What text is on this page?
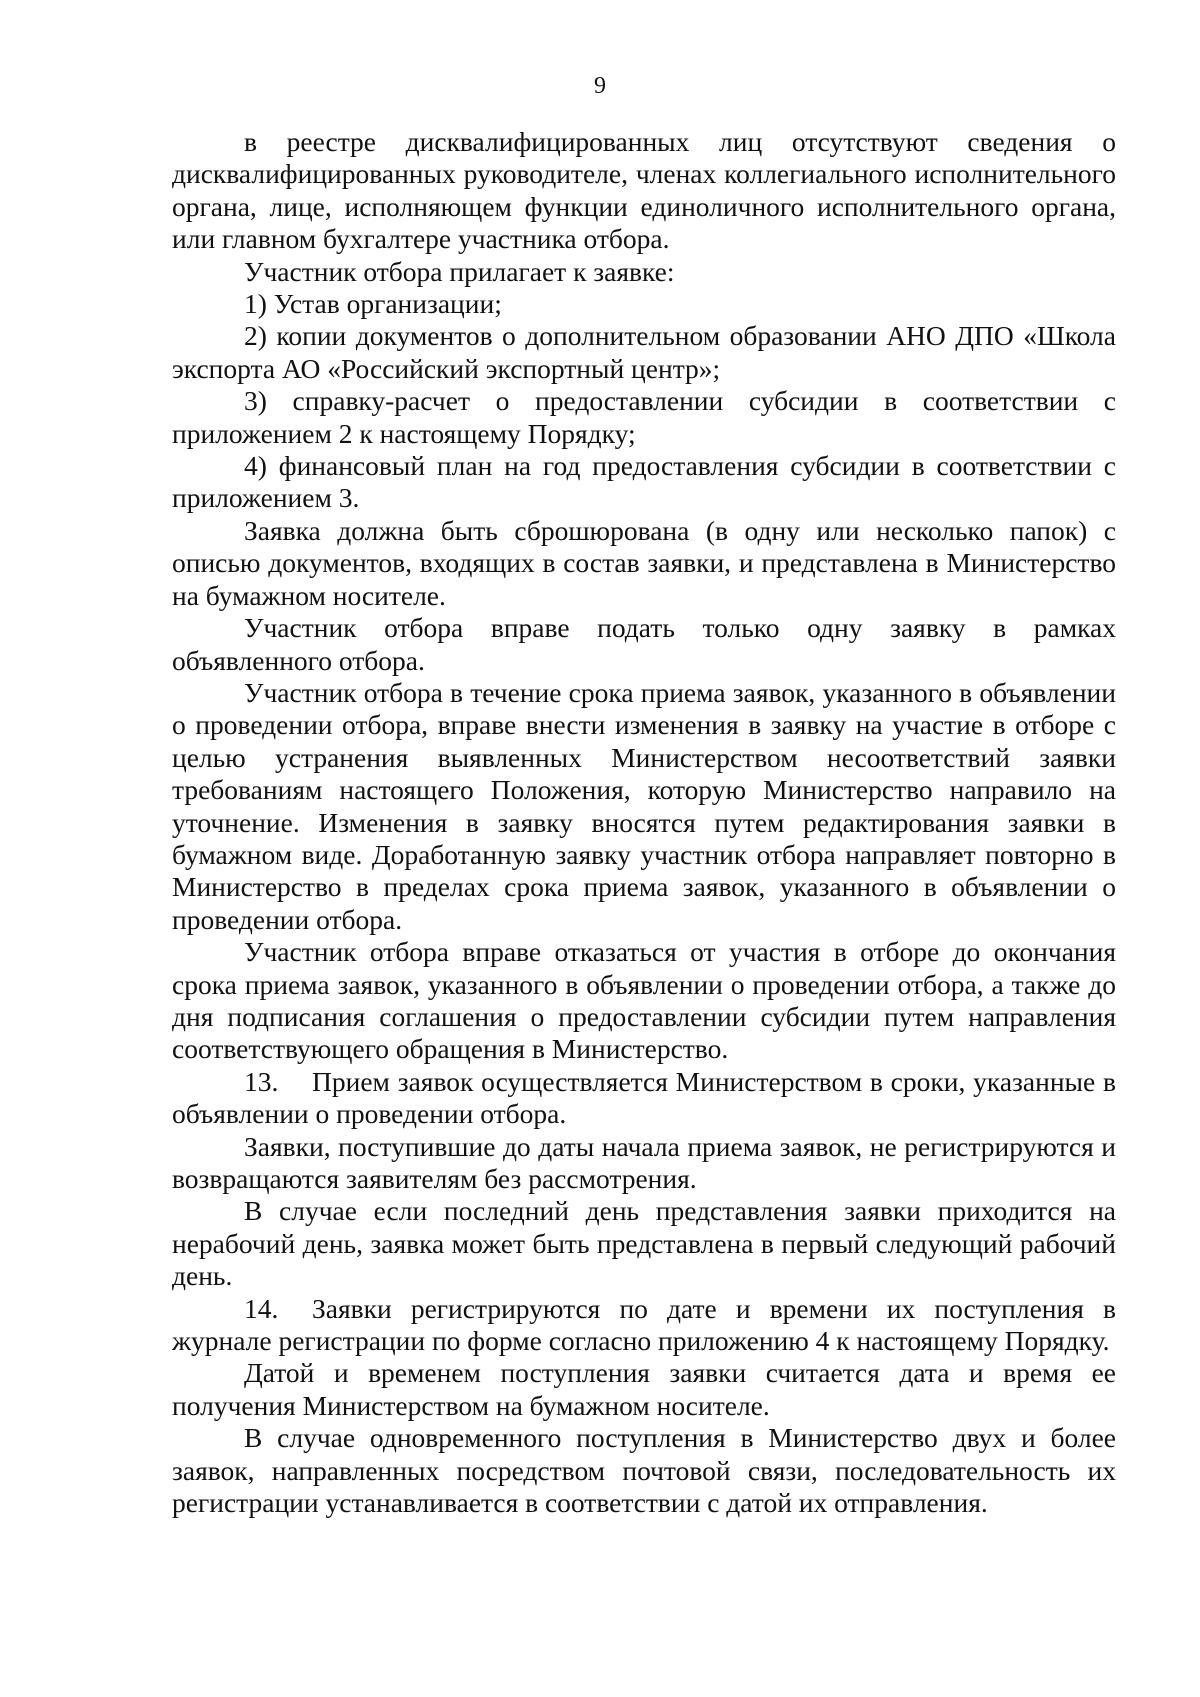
9

в реестре дисквалифицированных лиц отсутствуют сведения о дисквалифицированных руководителе, членах коллегиального исполнительного органа, лице, исполняющем функции единоличного исполнительного органа, или главном бухгалтере участника отбора.

Участник отбора прилагает к заявке:

1) Устав организации;

2) копии документов о дополнительном образовании АНО ДПО «Школа экспорта АО «Российский экспортный центр»;

3) справку-расчет о предоставлении субсидии в соответствии с приложением 2 к настоящему Порядку;

4) финансовый план на год предоставления субсидии в соответствии с приложением 3.

Заявка должна быть сброшюрована (в одну или несколько папок) с описью документов, входящих в состав заявки, и представлена в Министерство на бумажном носителе.

Участник отбора вправе подать только одну заявку в рамках объявленного отбора.

Участник отбора в течение срока приема заявок, указанного в объявлении о проведении отбора, вправе внести изменения в заявку на участие в отборе с целью устранения выявленных Министерством несоответствий заявки требованиям настоящего Положения, которую Министерство направило на уточнение. Изменения в заявку вносятся путем редактирования заявки в бумажном виде. Доработанную заявку участник отбора направляет повторно в Министерство в пределах срока приема заявок, указанного в объявлении о проведении отбора.

Участник отбора вправе отказаться от участия в отборе до окончания срока приема заявок, указанного в объявлении о проведении отбора, а также до дня подписания соглашения о предоставлении субсидии путем направления соответствующего обращения в Министерство.

13. Прием заявок осуществляется Министерством в сроки, указанные в объявлении о проведении отбора.

Заявки, поступившие до даты начала приема заявок, не регистрируются и возвращаются заявителям без рассмотрения.

В случае если последний день представления заявки приходится на нерабочий день, заявка может быть представлена в первый следующий рабочий день.

14. Заявки регистрируются по дате и времени их поступления в журнале регистрации по форме согласно приложению 4 к настоящему Порядку.

Датой и временем поступления заявки считается дата и время ее получения Министерством на бумажном носителе.

В случае одновременного поступления в Министерство двух и более заявок, направленных посредством почтовой связи, последовательность их регистрации устанавливается в соответствии с датой их отправления.
